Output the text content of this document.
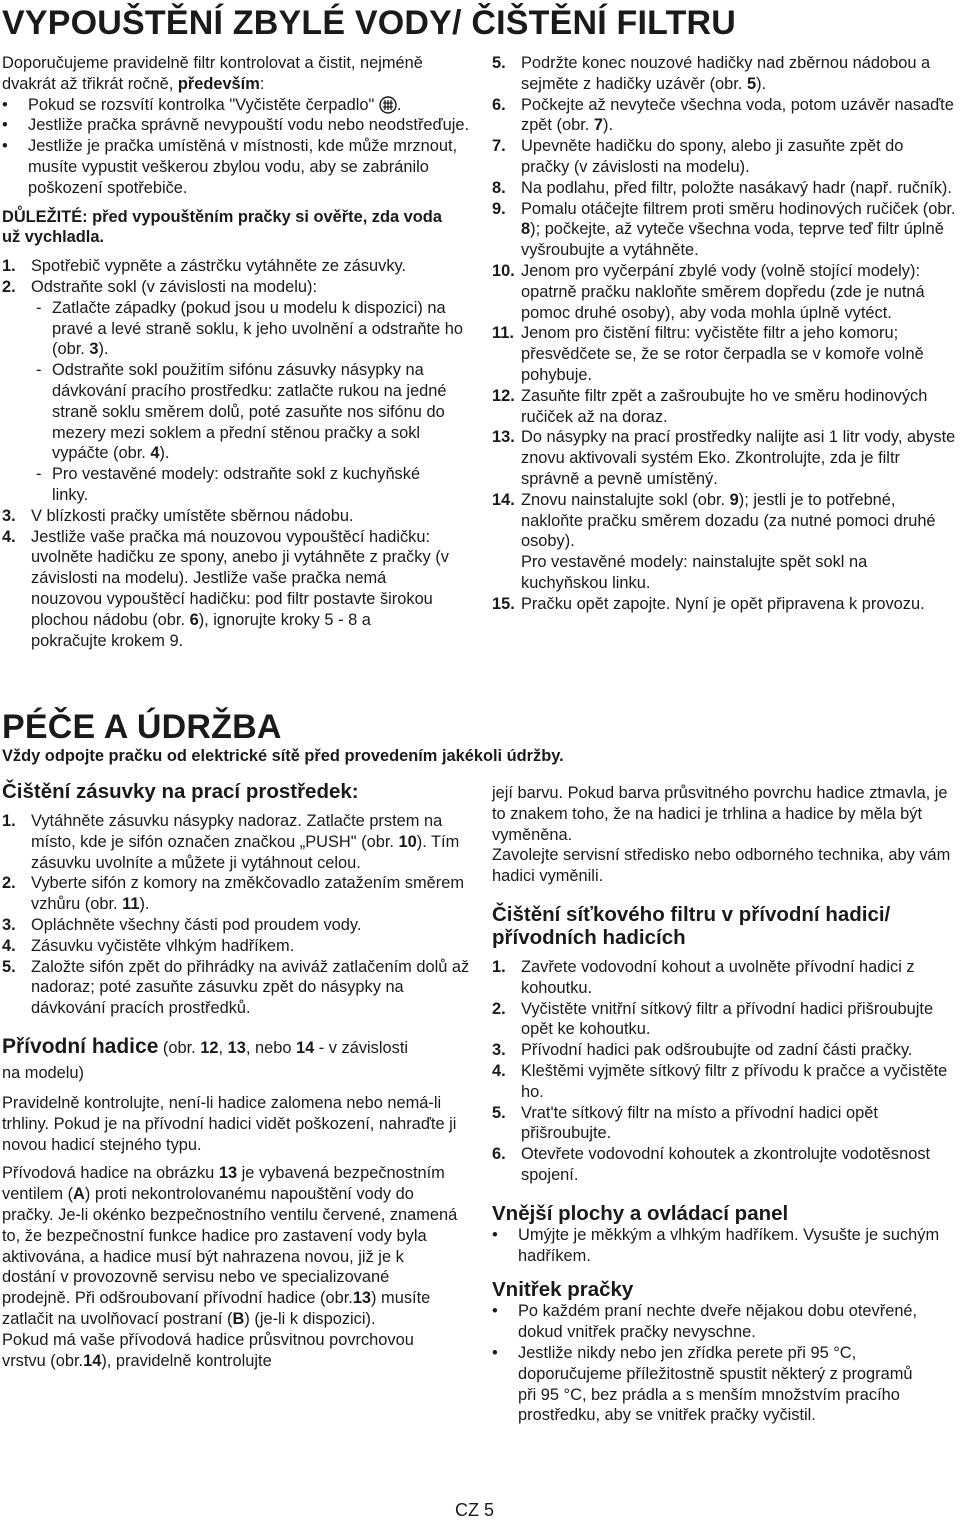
VYPOUŠTĚNÍ ZBYLÉ VODY/ ČIŠTĚNÍ FILTRU

Doporučujeme pravidelně filtr kontrolovat a čistit, nejméně dvakrát až třikrát ročně, především:

• Pokud se rozsvítí kontrolka "Vyčistěte čerpadlo" .
• Jestliže pračka správně nevypouští vodu nebo neodstřeďuje.
• Jestliže je pračka umístěná v místnosti, kde může mrznout, musíte vypustit veškerou zbylou vodu, aby se zabránilo poškození spotřebiče.

DŮLEŽITÉ: před vypouštěním pračky si ověřte, zda voda už vychladla.

1. Spotřebič vypněte a zástrčku vytáhněte ze zásuvky.
2. Odstraňte sokl (v závislosti na modelu):
- Zatlačte západky (pokud jsou u modelu k dispozici) na pravé a levé straně soklu, k jeho uvolnění a odstraňte ho (obr. 3).
- Odstraňte sokl použitím sifónu zásuvky násypky na dávkování pracího prostředku: zatlačte rukou na jedné straně soklu směrem dolů, poté zasuňte nos sifónu do mezery mezi soklem a přední stěnou pračky a sokl vypáčte (obr. 4).
- Pro vestavěné modely: odstraňte sokl z kuchyňské linky.
3. V blízkosti pračky umístěte sběrnou nádobu.
4. Jestliže vaše pračka má nouzovou vypouštěcí hadičku: uvolněte hadičku ze spony, anebo ji vytáhněte z pračky (v závislosti na modelu). Jestliže vaše pračka nemá nouzovou vypouštěcí hadičku: pod filtr postavte širokou plochou nádobu (obr. 6), ignorujte kroky 5 - 8 a pokračujte krokem 9.
5. Podržte konec nouzové hadičky nad zběrnou nádobou a sejměte z hadičky uzávěr (obr. 5).
6. Počkejte až nevyteče všechna voda, potom uzávěr nasaďte zpět (obr. 7).
7. Upevněte hadičku do spony, alebo ji zasuňte zpět do pračky (v závislosti na modelu).
8. Na podlahu, před filtr, položte nasákavý hadr (např. ručník).
9. Pomalu otáčejte filtrem proti směru hodinových ručiček (obr. 8); počkejte, až vyteče všechna voda, teprve teď filtr úplně vyšroubujte a vytáhněte.
10. Jenom pro vyčerpání zbylé vody (volně stojící modely): opatrně pračku nakloňte směrem dopředu (zde je nutná pomoc druhé osoby), aby voda mohla úplně vytéct.
11. Jenom pro čistění filtru: vyčistěte filtr a jeho komoru; přesvědčete se, že se rotor čerpadla se v komoře volně pohybuje.
12. Zasuňte filtr zpět a zašroubujte ho ve směru hodinových ručiček až na doraz.
13. Do násypky na prací prostředky nalijte asi 1 litr vody, abyste znovu aktivovali systém Eko. Zkontrolujte, zda je filtr správně a pevně umístěný.
14. Znovu nainstalujte sokl (obr. 9); jestli je to potřebné, nakloňte pračku směrem dozadu (za nutné pomoci druhé osoby).

Pro vestavěné modely: nainstalujte spět sokl na kuchyňskou linku.

15. Pračku opět zapojte. Nyní je opět připravena k provozu.
PÉČE A ÚDRŽBA

Vždy odpojte pračku od elektrické sítě před provedením jakékoli údržby.

Čištění zásuvky na prací prostředek:
1. Vytáhněte zásuvku násypky nadoraz. Zatlačte prstem na místo, kde je sifón označen značkou „PUSH" (obr. 10). Tím zásuvku uvolníte a můžete ji vytáhnout celou.
2. Vyberte sifón z komory na změkčovadlo zatažením směrem vzhůru (obr. 11).
3. Opláchněte všechny části pod proudem vody.
4. Zásuvku vyčistěte vlhkým hadříkem.
5. Založte sifón zpět do přihrádky na aviváž zatlačením dolů až nadoraz; poté zasuňte zásuvku zpět do násypky na dávkování pracích prostředků.
Přívodní hadice (obr. 12, 13, nebo 14 - v závislosti na modelu)

Pravidelně kontrolujte, není-li hadice zalomena nebo nemá-li trhliny. Pokud je na přívodní hadici vidět poškození, nahraďte ji novou hadicí stejného typu.

Přívodová hadice na obrázku 13 je vybavená bezpečnostním ventilem (A) proti nekontrolovanému napouštění vody do pračky. Je-li okénko bezpečnostního ventilu červené, znamená to, že bezpečnostní funkce hadice pro zastavení vody byla aktivována, a hadice musí být nahrazena novou, již je k dostání v provozovně servisu nebo ve specializované prodejně. Při odšroubovaní přívodní hadice (obr.13) musíte zatlačit na uvolňovací postraní (B) (je-li k dispozici).

Pokud má vaše přívodová hadice průsvitnou povrchovou vrstvu (obr.14), pravidelně kontrolujte

její barvu. Pokud barva průsvitného povrchu hadice ztmavla, je to znakem toho, že na hadici je trhlina a hadice by měla být vyměněna.

Zavolejte servisní středisko nebo odborného technika, aby vám hadici vyměnili.

Čištění síťkového filtru v přívodní hadici/ přívodních hadicích
1. Zavřete vodovodní kohout a uvolněte přívodní hadici z kohoutku.
2. Vyčistěte vnitřní sítkový filtr a přívodní hadici přišroubujte opět ke kohoutku.
3. Přívodní hadici pak odšroubujte od zadní části pračky.
4. Kleštěmi vyjměte sítkový filtr z přívodu k pračce a vyčistěte ho.
5. Vrat'te sítkový filtr na místo a přívodní hadici opět přišroubujte.
6. Otevřete vodovodní kohoutek a zkontrolujte vodotěsnost spojení.
Vnější plochy a ovládací panel
• Umýjte je měkkým a vlhkým hadříkem. Vysušte je suchým hadříkem.
Vnitřek pračky
• Po každém praní nechte dveře nějakou dobu otevřené, dokud vnitřek pračky nevyschne.
• Jestliže nikdy nebo jen zřídka perete při 95 °C, doporučujeme příležitostně spustit některý z programů při 95 °C, bez prádla a s menším množstvím pracího prostředku, aby se vnitřek pračky vyčistil.
CZ 5
